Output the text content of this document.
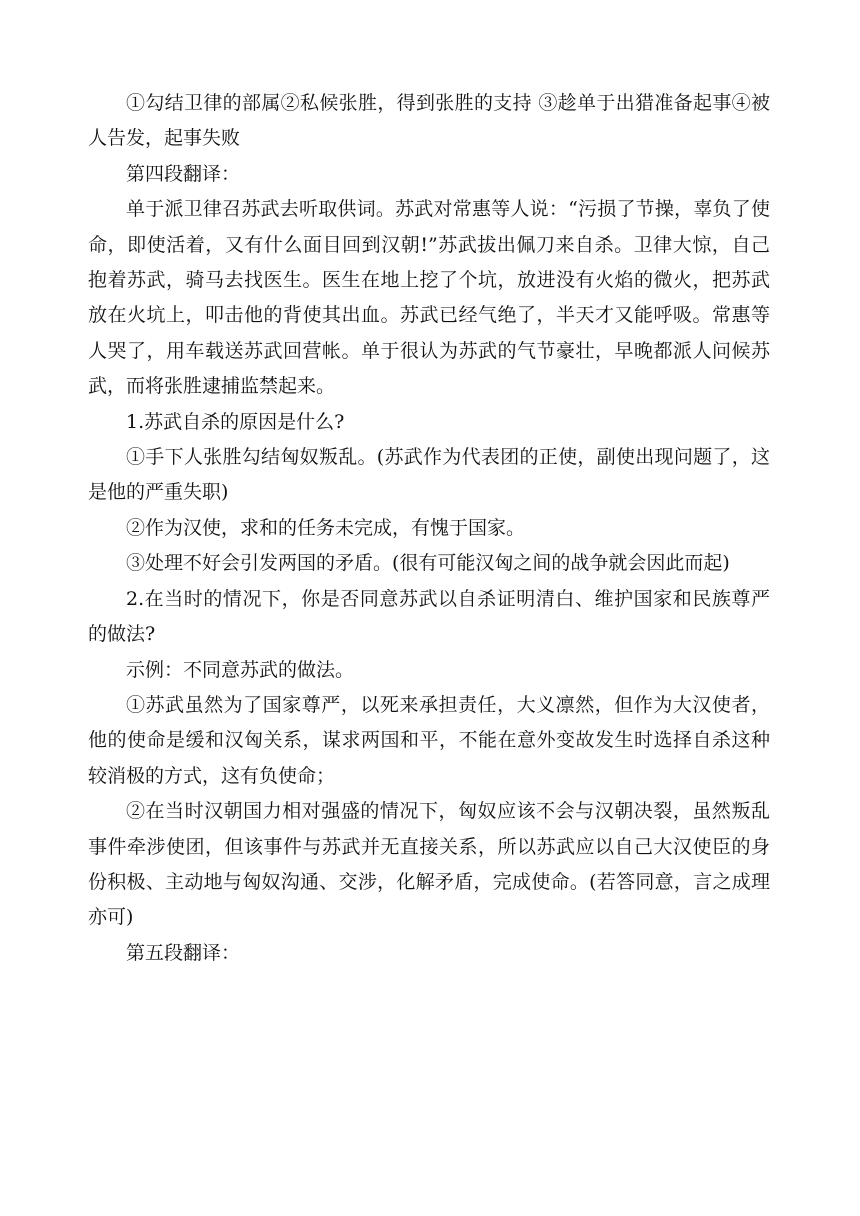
①勾结卫律的部属②私候张胜，得到张胜的支持 ③趁单于出猎准备起事④被人告发，起事失败

第四段翻译：

单于派卫律召苏武去听取供词。苏武对常惠等人说：“污损了节操，辜负了使命，即使活着，又有什么面目回到汉朝!”苏武拔出佩刀来自杀。卫律大惊，自己抱着苏武，骑马去找医生。医生在地上挖了个坑，放进没有火焰的微火，把苏武放在火坑上，叩击他的背使其出血。苏武已经气绝了，半天才又能呼吸。常惠等人哭了，用车载送苏武回营帐。单于很认为苏武的气节豪壮，早晚都派人问候苏武，而将张胜逮捕监禁起来。

1.苏武自杀的原因是什么?

①手下人张胜勾结匈奴叛乱。(苏武作为代表团的正使，副使出现问题了，这是他的严重失职)

②作为汉使，求和的任务未完成，有愧于国家。

③处理不好会引发两国的矛盾。(很有可能汉匈之间的战争就会因此而起)

2.在当时的情况下，你是否同意苏武以自杀证明清白、维护国家和民族尊严的做法?

示例：不同意苏武的做法。

①苏武虽然为了国家尊严，以死来承担责任，大义凛然，但作为大汉使者，他的使命是缓和汉匈关系，谋求两国和平，不能在意外变故发生时选择自杀这种较消极的方式，这有负使命；

②在当时汉朝国力相对强盛的情况下，匈奴应该不会与汉朝决裂，虽然叛乱事件牵涉使团，但该事件与苏武并无直接关系，所以苏武应以自己大汉使臣的身份积极、主动地与匈奴沟通、交涉，化解矛盾，完成使命。(若答同意，言之成理亦可)

第五段翻译：
